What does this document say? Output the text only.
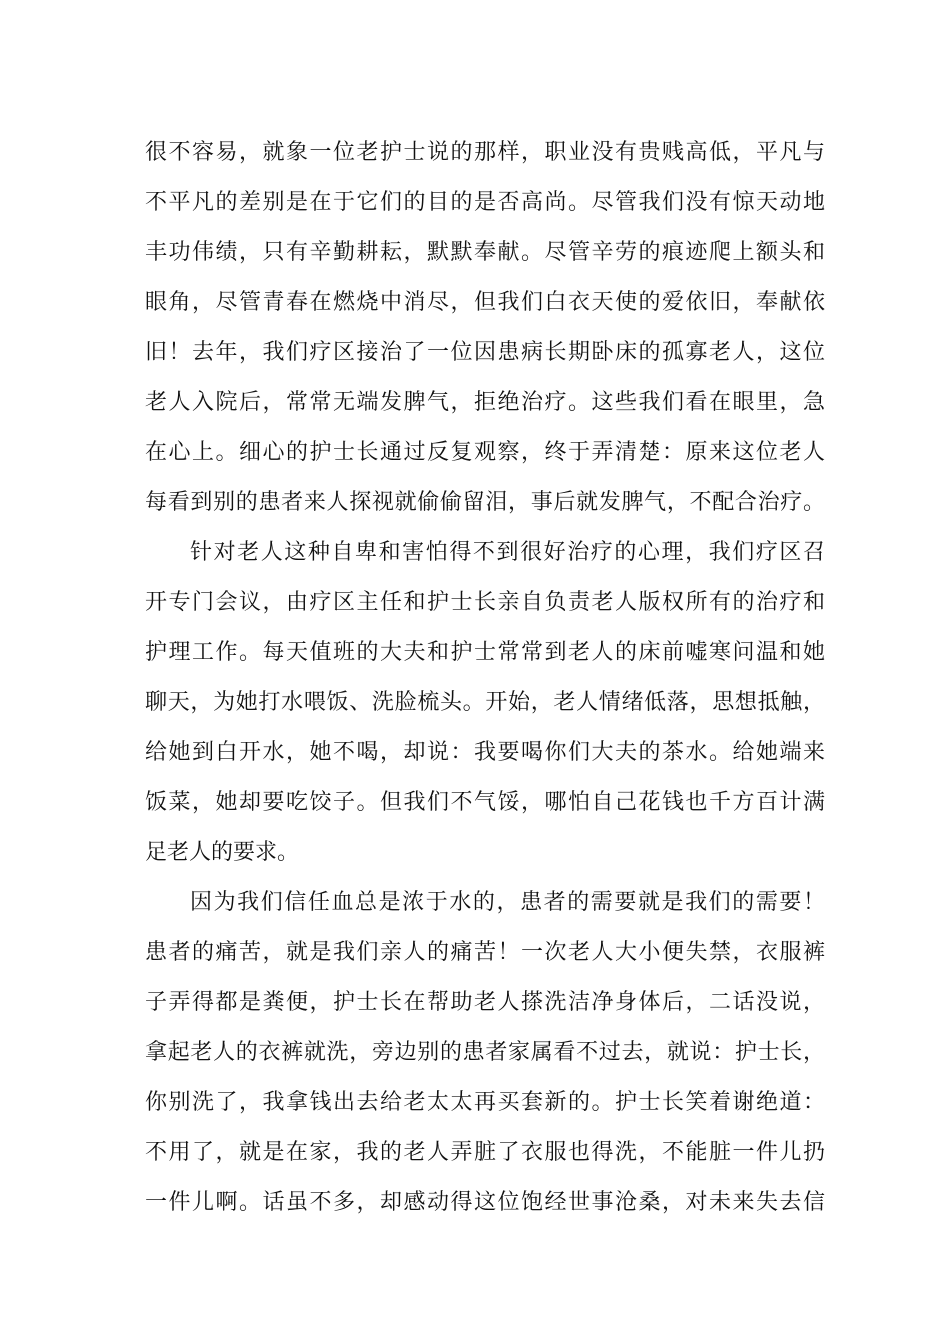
很不容易，就象一位老护士说的那样，职业没有贵贱高低，平凡与
不平凡的差别是在于它们的目的是否高尚。尽管我们没有惊天动地
丰功伟绩，只有辛勤耕耘，默默奉献。尽管辛劳的痕迹爬上额头和
眼角，尽管青春在燃烧中消尽，但我们白衣天使的爱依旧，奉献依
旧！去年，我们疗区接治了一位因患病长期卧床的孤寡老人，这位
老人入院后，常常无端发脾气，拒绝治疗。这些我们看在眼里，急
在心上。细心的护士长通过反复观察，终于弄清楚：原来这位老人
每看到别的患者来人探视就偷偷留泪，事后就发脾气，不配合治疗。
针对老人这种自卑和害怕得不到很好治疗的心理，我们疗区召
开专门会议，由疗区主任和护士长亲自负责老人版权所有的治疗和
护理工作。每天值班的大夫和护士常常到老人的床前嘘寒问温和她
聊天，为她打水喂饭、洗脸梳头。开始，老人情绪低落，思想抵触，
给她到白开水，她不喝，却说：我要喝你们大夫的茶水。给她端来
饭菜，她却要吃饺子。但我们不气馁，哪怕自己花钱也千方百计满
足老人的要求。
因为我们信任血总是浓于水的，患者的需要就是我们的需要！
患者的痛苦，就是我们亲人的痛苦！一次老人大小便失禁，衣服裤
子弄得都是粪便，护士长在帮助老人搽洗洁净身体后，二话没说，
拿起老人的衣裤就洗，旁边别的患者家属看不过去，就说：护士长，
你别洗了，我拿钱出去给老太太再买套新的。护士长笑着谢绝道：
不用了，就是在家，我的老人弄脏了衣服也得洗，不能脏一件儿扔
一件儿啊。话虽不多，却感动得这位饱经世事沧桑，对未来失去信
